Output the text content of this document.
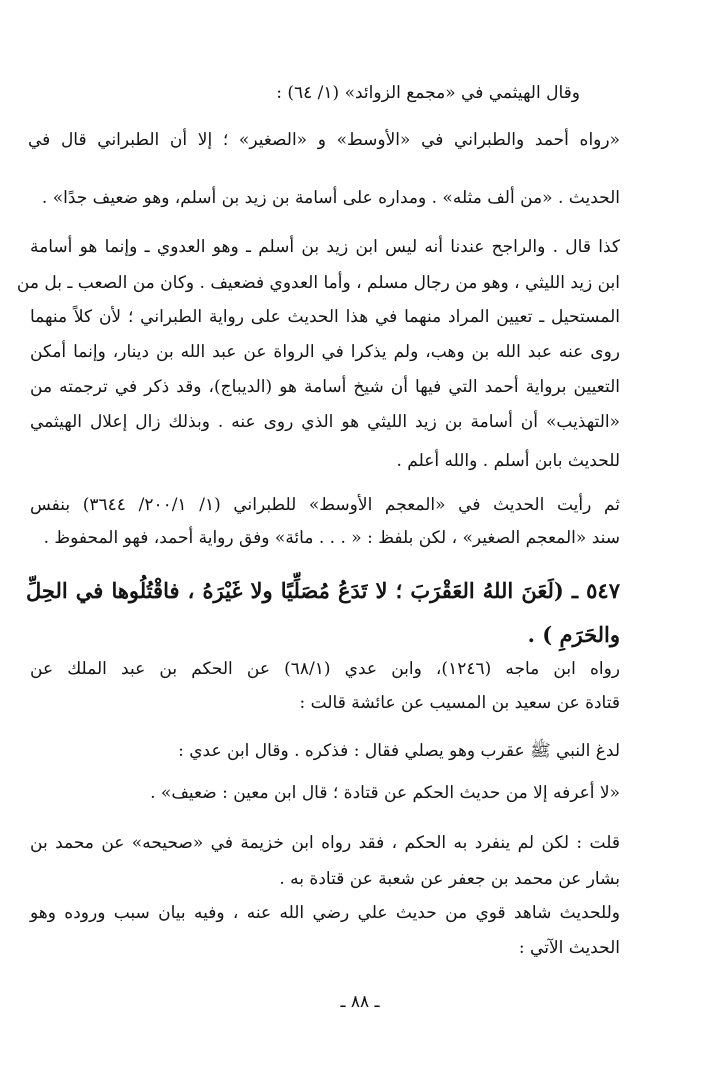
وقال الهيثمي في «مجمع الزوائد» (١/ ٦٤) :
«رواه أحمد والطبراني في «الأوسط» و «الصغير» ؛ إلا أن الطبراني قال في
الحديث . «من ألف مثله» . ومداره على أسامة بن زيد بن أسلم، وهو ضعيف جدًا» .
كذا قال . والراجح عندنا أنه ليس ابن زيد بن أسلم ـ وهو العدوي ـ وإنما هو أسامة
ابن زيد الليثي ، وهو من رجال مسلم ، وأما العدوي فضعيف . وكان من الصعب ـ بل من
المستحيل ـ تعيين المراد منهما في هذا الحديث على رواية الطبراني ؛ لأن كلاً منهما
روى عنه عبد الله بن وهب، ولم يذكرا في الرواة عن عبد الله بن دينار، وإنما أمكن
التعيين برواية أحمد التي فيها أن شيخ أسامة هو (الديباج)، وقد ذكر في ترجمته من
«التهذيب» أن أسامة بن زيد الليثي هو الذي روى عنه . وبذلك زال إعلال الهيثمي
للحديث بابن أسلم . والله أعلم .
ثم رأيت الحديث في «المعجم الأوسط» للطبراني (١/ ٢٠٠/١/ ٣٦٤٤) بنفس
سند «المعجم الصغير» ، لكن بلفظ : « . . . مائة» وفق رواية أحمد، فهو المحفوظ .
٥٤٧ ـ (لَعَنَ اللهُ العَقْرَبَ ؛ لا تَدَعُ مُصَلِّيًا ولا غَيْرَهُ ، فاقْتُلُوها في الحِلِّ
والحَرَمِ ) .
رواه ابن ماجه (١٢٤٦)، وابن عدي (٦٨/١) عن الحكم بن عبد الملك عن
قتادة عن سعيد بن المسيب عن عائشة قالت :
لدغ النبي ﷺ عقرب وهو يصلي فقال : فذكره . وقال ابن عدي :
«لا أعرفه إلا من حديث الحكم عن قتادة ؛ قال ابن معين : ضعيف» .
قلت : لكن لم ينفرد به الحكم ، فقد رواه ابن خزيمة في «صحيحه» عن محمد بن
بشار عن محمد بن جعفر عن شعبة عن قتادة به .
وللحديث شاهد قوي من حديث علي رضي الله عنه ، وفيه بيان سبب وروده وهو
الحديث الآتي :
ـ ٨٨ ـ
